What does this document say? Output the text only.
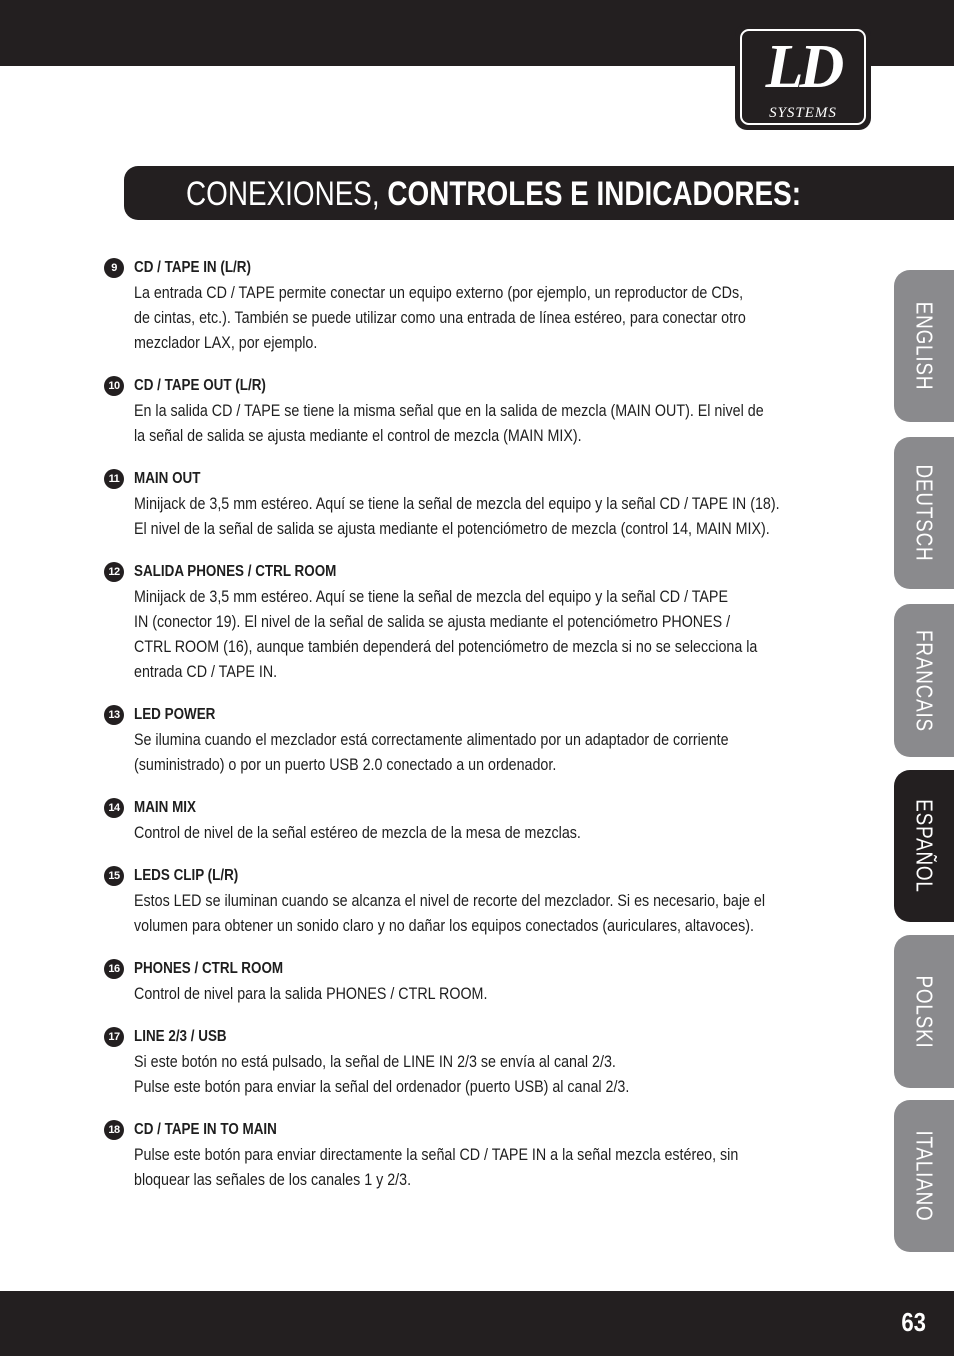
LD
SYSTEMS
CONEXIONES, CONTROLES E INDICADORES:
9	CD / TAPE IN (L/R)
La entrada CD / TAPE permite conectar un equipo externo (por ejemplo, un reproductor de CDs,
de cintas, etc.). También se puede utilizar como una entrada de línea estéreo, para conectar otro
mezclador LAX, por ejemplo.
10 CD / TAPE OUT (L/R)
En la salida CD / TAPE se tiene la misma señal que en la salida de mezcla (MAIN OUT). El nivel de
la señal de salida se ajusta mediante el control de mezcla (MAIN MIX).
11 MAIN OUT
Minijack de 3,5 mm estéreo. Aquí se tiene la señal de mezcla del equipo y la señal CD / TAPE IN (18).
El nivel de la señal de salida se ajusta mediante el potenciómetro de mezcla (control 14, MAIN MIX).
12 SALIDA PHONES / CTRL ROOM
Minijack de 3,5 mm estéreo. Aquí se tiene la señal de mezcla del equipo y la señal CD / TAPE
IN (conector 19). El nivel de la señal de salida se ajusta mediante el potenciómetro PHONES /
CTRL ROOM (16), aunque también dependerá del potenciómetro de mezcla si no se selecciona la
entrada CD / TAPE IN.
13 LED POWER
Se ilumina cuando el mezclador está correctamente alimentado por un adaptador de corriente
(suministrado) o por un puerto USB 2.0 conectado a un ordenador.
14 MAIN MIX
Control de nivel de la señal estéreo de mezcla de la mesa de mezclas.
15 LEDS CLIP (L/R)
Estos LED se iluminan cuando se alcanza el nivel de recorte del mezclador. Si es necesario, baje el
volumen para obtener un sonido claro y no dañar los equipos conectados (auriculares, altavoces).
16 PHONES / CTRL ROOM
Control de nivel para la salida PHONES / CTRL ROOM.
17 LINE 2/3 / USB
Si este botón no está pulsado, la señal de LINE IN 2/3 se envía al canal 2/3.
Pulse este botón para enviar la señal del ordenador (puerto USB) al canal 2/3.
18 CD / TAPE IN TO MAIN
Pulse este botón para enviar directamente la señal CD / TAPE IN a la señal mezcla estéreo, sin
bloquear las señales de los canales 1 y 2/3.
ENGLISH
DEUTSCH
FRANCAIS
ESPAÑOL
POLSKI
ITALIANO
63
